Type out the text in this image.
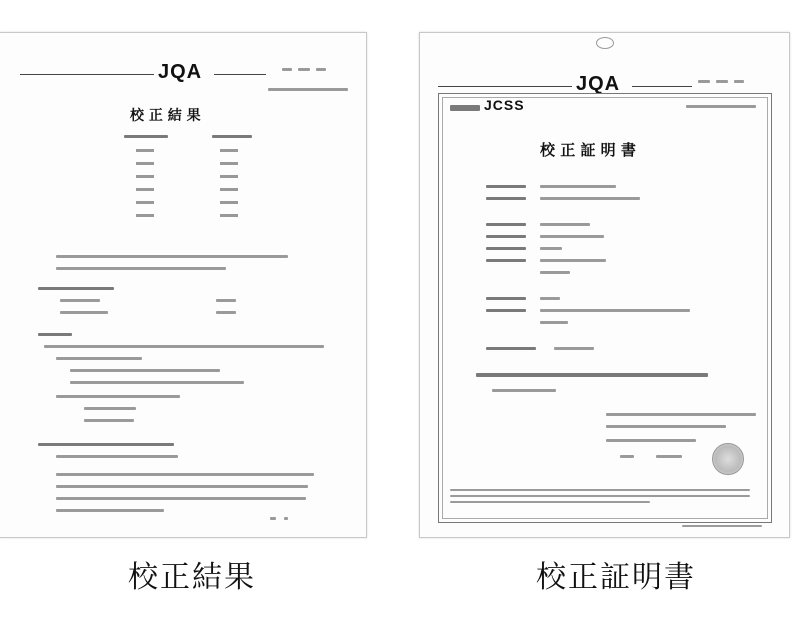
JQA
校 正 結 果
JQA
JCSS
校 正 証 明 書
校正結果	校正証明書
